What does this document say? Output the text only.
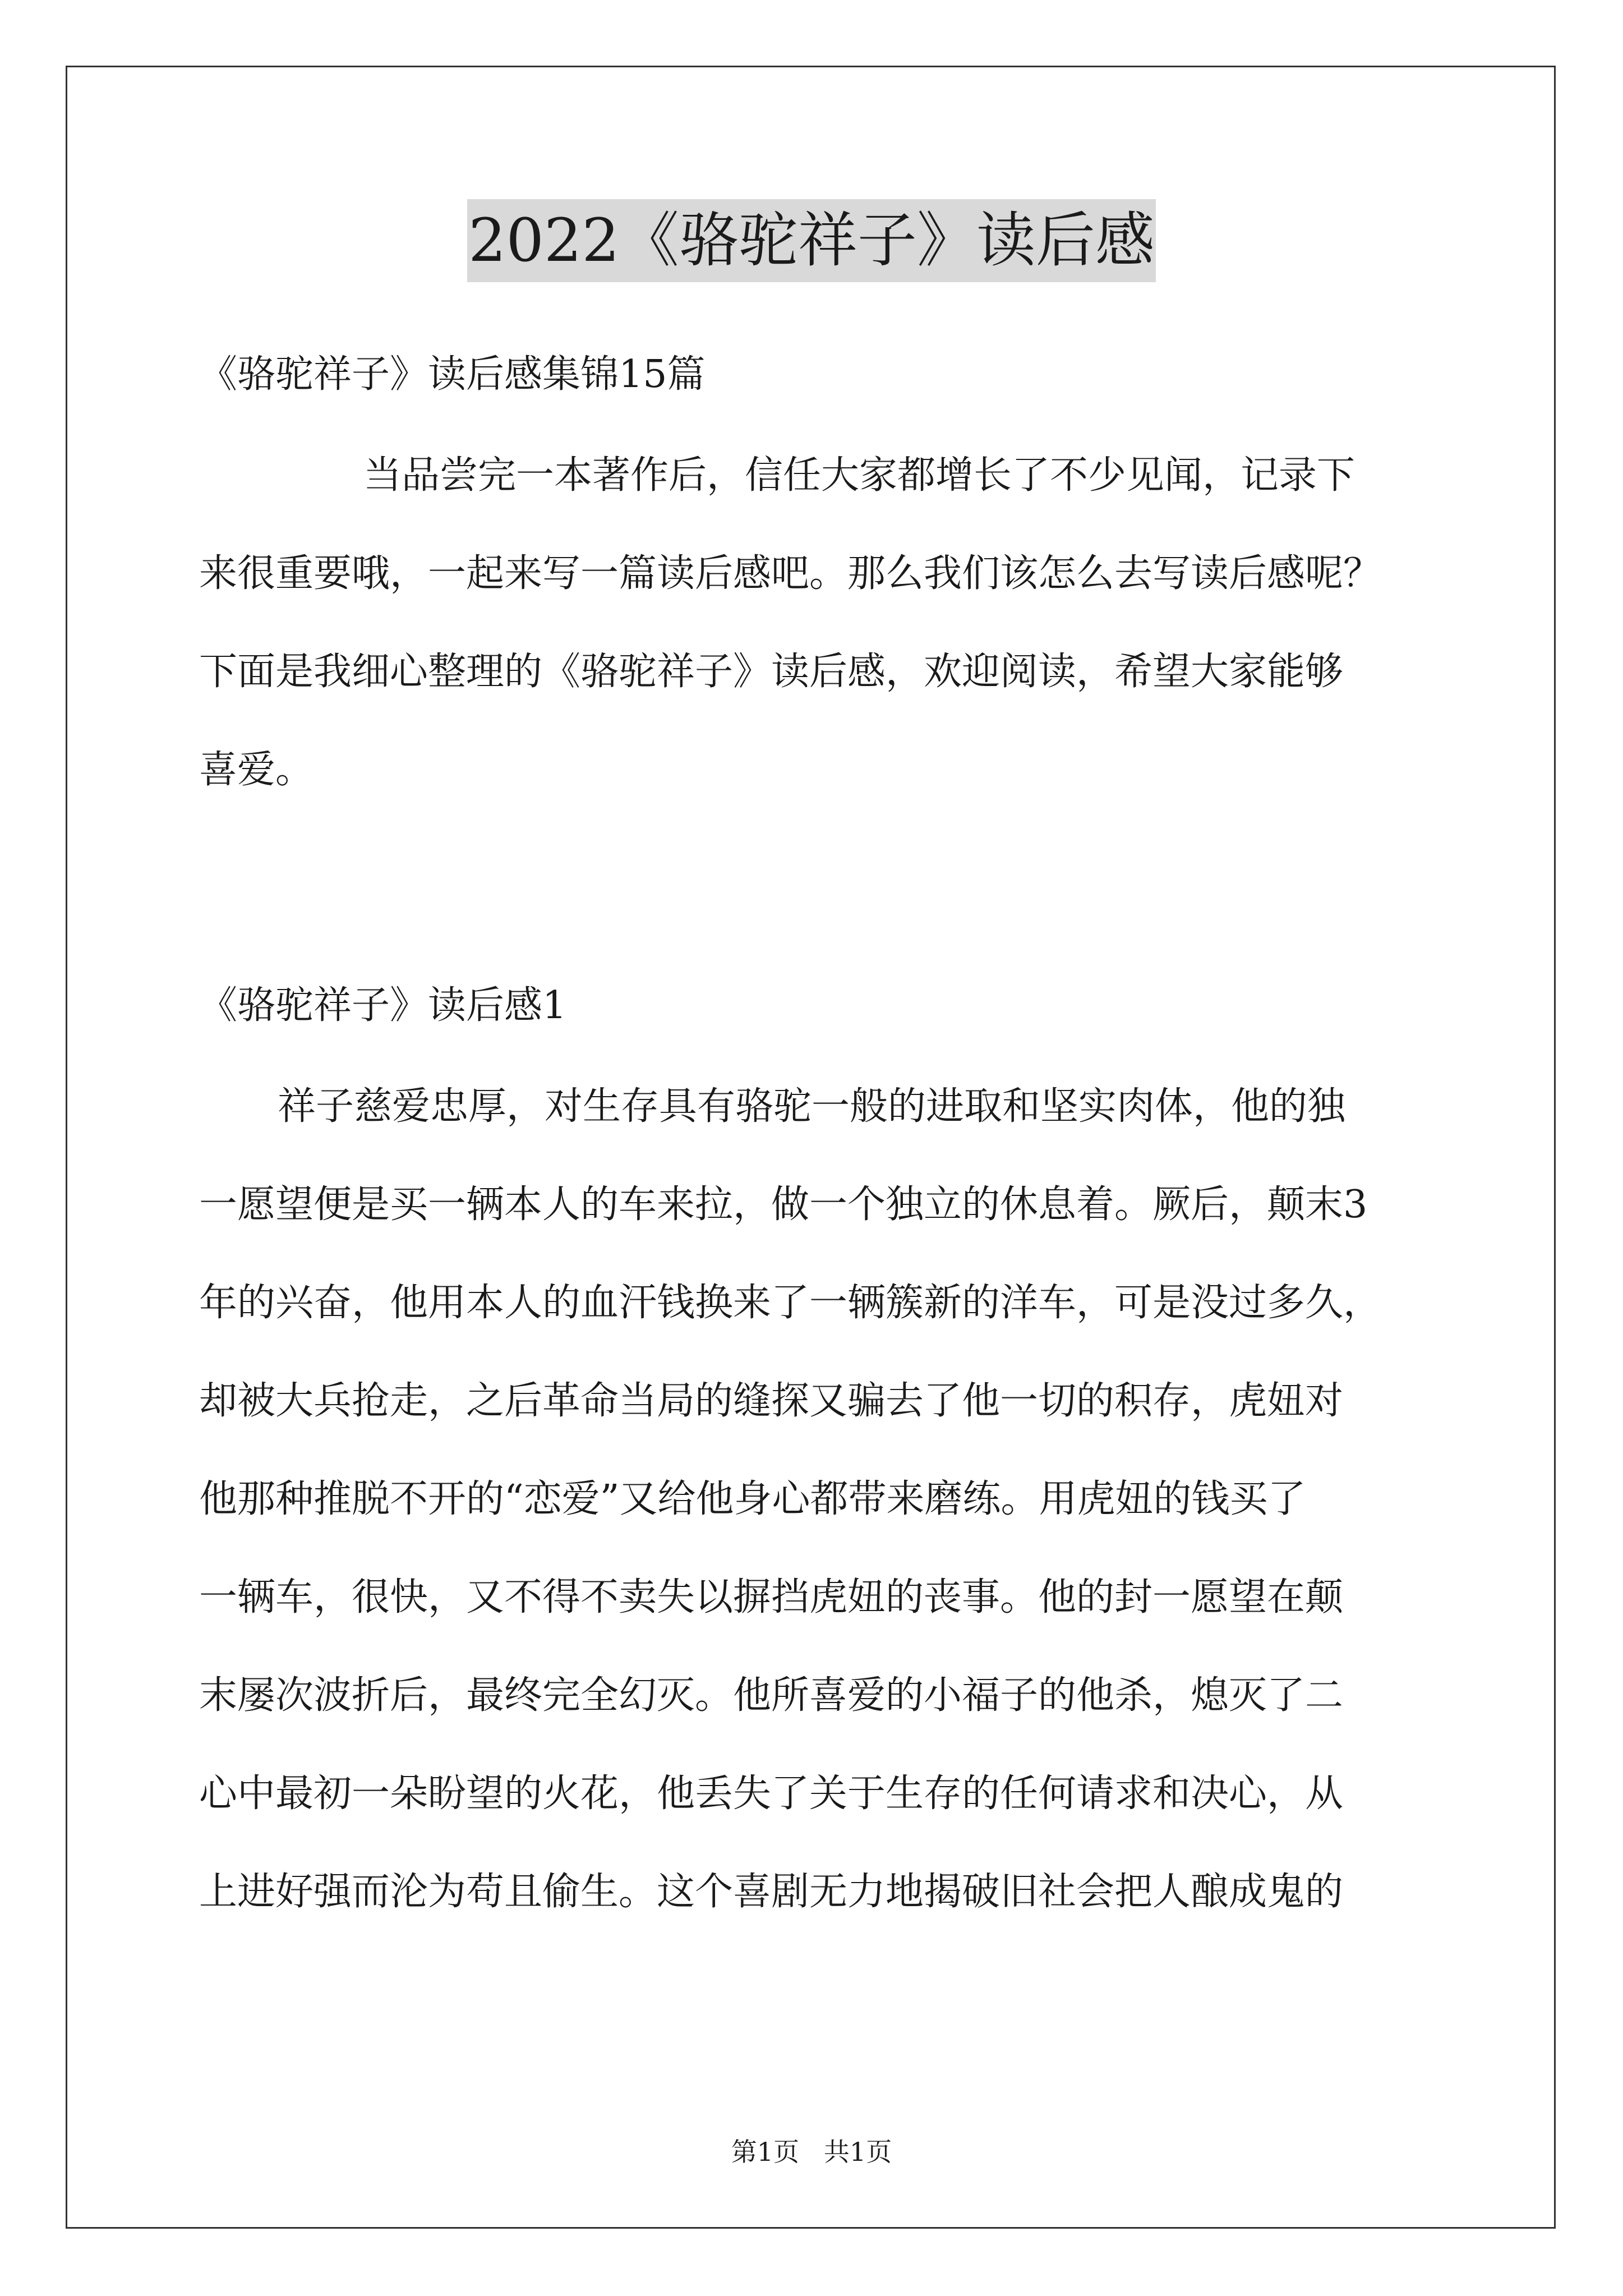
2022《骆驼祥子》读后感
《骆驼祥子》读后感集锦15篇
当品尝完一本著作后，信任大家都增长了不少见闻，记录下
来很重要哦，一起来写一篇读后感吧。那么我们该怎么去写读后感呢？
下面是我细心整理的《骆驼祥子》读后感，欢迎阅读，希望大家能够
喜爱。
《骆驼祥子》读后感1
祥子慈爱忠厚，对生存具有骆驼一般的进取和坚实肉体，他的独
一愿望便是买一辆本人的车来拉，做一个独立的休息着。厥后，颠末3
年的兴奋，他用本人的血汗钱换来了一辆簇新的洋车，可是没过多久，
却被大兵抢走，之后革命当局的缝探又骗去了他一切的积存，虎妞对
他那种推脱不开的“恋爱”又给他身心都带来磨练。用虎妞的钱买了
一辆车，很快，又不得不卖失以摒挡虎妞的丧事。他的封一愿望在颠
末屡次波折后，最终完全幻灭。他所喜爱的小福子的他杀，熄灭了二
心中最初一朵盼望的火花，他丢失了关于生存的任何请求和决心，从
上进好强而沦为苟且偷生。这个喜剧无力地揭破旧社会把人酿成鬼的
第1页   共1页
